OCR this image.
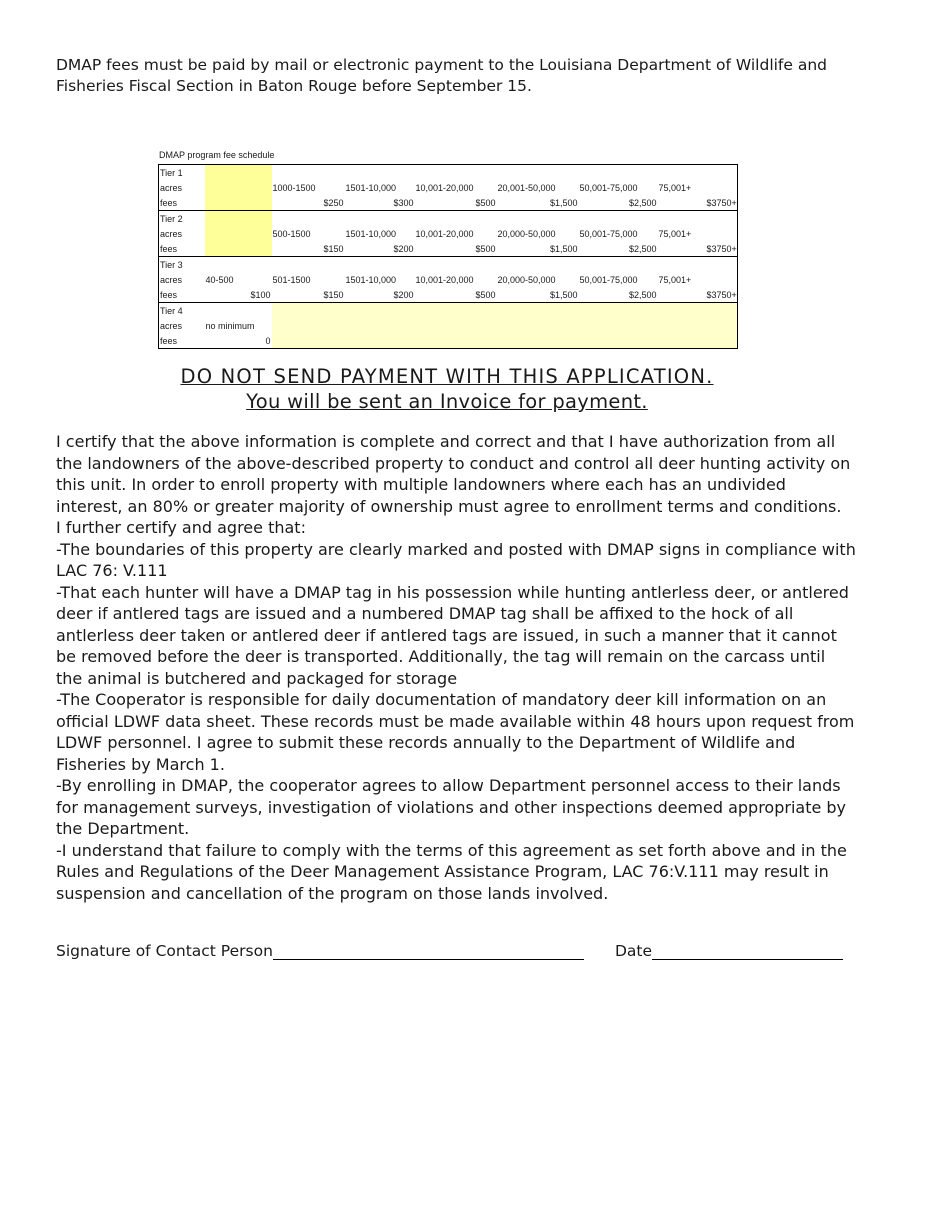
DMAP fees must be paid by mail or electronic payment to the Louisiana Department of Wildlife and Fisheries Fiscal Section in Baton Rouge before September 15.
DMAP program fee schedule
Tier 1								
acres		1000-1500	1501-10,000	10,001-20,000	20,001-50,000	50,001-75,000	75,001+	
fees		$250	$300	$500	$1,500	$2,500		$3750+
Tier 2								
acres		500-1500	1501-10,000	10,001-20,000	20,000-50,000	50,001-75,000	75,001+	
fees		$150	$200	$500	$1,500	$2,500		$3750+
Tier 3								
acres	40-500	501-1500	1501-10,000	10,001-20,000	20,000-50,000	50,001-75,000	75,001+	
fees	$100	$150	$200	$500	$1,500	$2,500		$3750+
Tier 4								
acres	no minimum							
fees	0							
DO NOT SEND PAYMENT WITH THIS APPLICATION.
You will be sent an Invoice for payment.

I certify that the above information is complete and correct and that I have authorization from all the landowners of the above-described property to conduct and control all deer hunting activity on this unit. In order to enroll property with multiple landowners where each has an undivided interest, an 80% or greater majority of ownership must agree to enrollment terms and conditions.

I further certify and agree that:

-The boundaries of this property are clearly marked and posted with DMAP signs in compliance with LAC 76: V.111

-That each hunter will have a DMAP tag in his possession while hunting antlerless deer, or antlered deer if antlered tags are issued and a numbered DMAP tag shall be affixed to the hock of all antlerless deer taken or antlered deer if antlered tags are issued, in such a manner that it cannot be removed before the deer is transported. Additionally, the tag will remain on the carcass until the animal is butchered and packaged for storage

-The Cooperator is responsible for daily documentation of mandatory deer kill information on an official LDWF data sheet. These records must be made available within 48 hours upon request from LDWF personnel. I agree to submit these records annually to the Department of Wildlife and Fisheries by March 1.

-By enrolling in DMAP, the cooperator agrees to allow Department personnel access to their lands for management surveys, investigation of violations and other inspections deemed appropriate by the Department.

-I understand that failure to comply with the terms of this agreement as set forth above and in the Rules and Regulations of the Deer Management Assistance Program, LAC 76:V.111 may result in suspension and cancellation of the program on those lands involved.

Signature of Contact Person	Date
